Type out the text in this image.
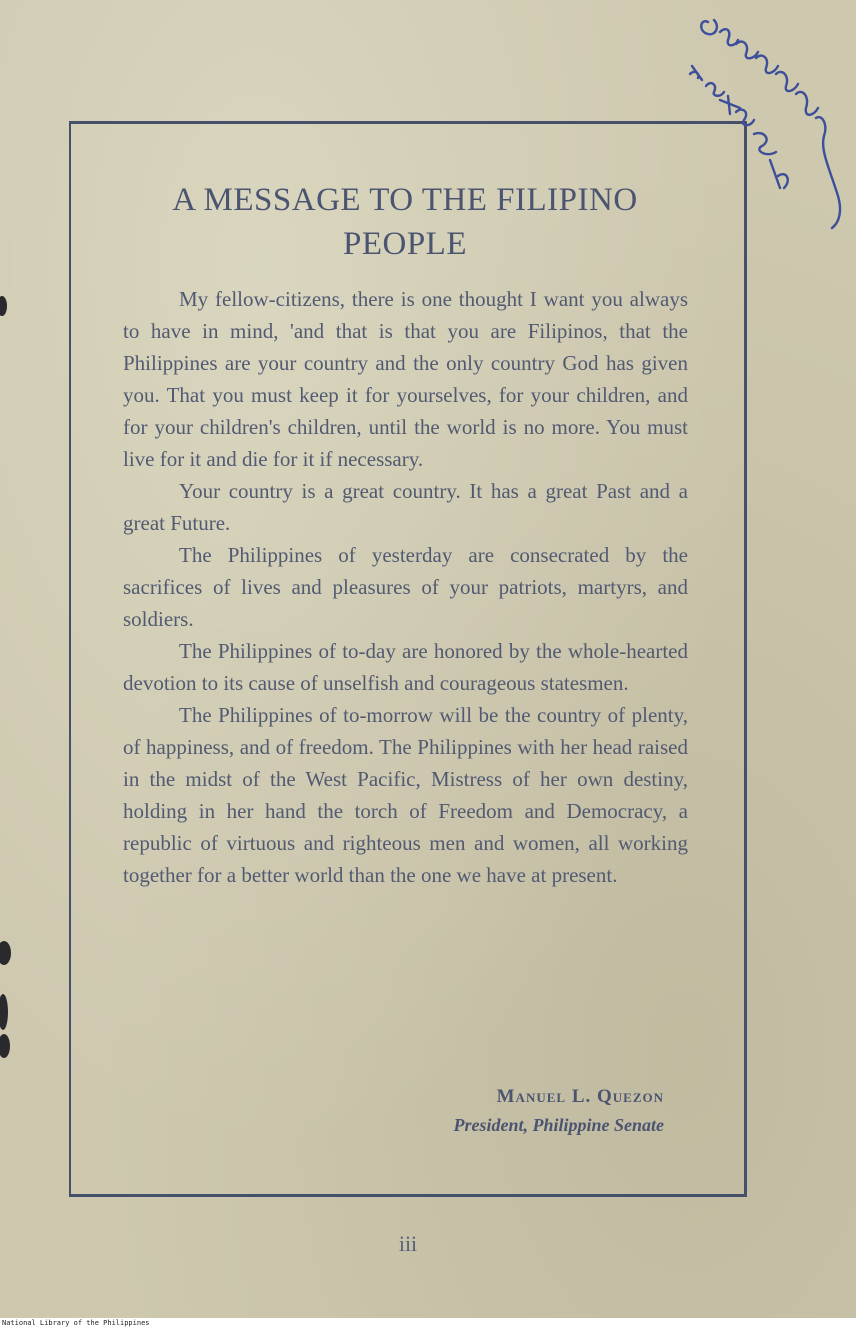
A MESSAGE TO THE FILIPINO PEOPLE

My fellow-citizens, there is one thought I want you always to have in mind, 'and that is that you are Filipinos, that the Philippines are your country and the only country God has given you. That you must keep it for yourselves, for your children, and for your children's children, until the world is no more. You must live for it and die for it if necessary.

Your country is a great country. It has a great Past and a great Future.

The Philippines of yesterday are consecrated by the sacrifices of lives and pleasures of your patriots, martyrs, and soldiers.

The Philippines of to-day are honored by the whole-hearted devotion to its cause of unselfish and courageous statesmen.

The Philippines of to-morrow will be the country of plenty, of happiness, and of freedom. The Philippines with her head raised in the midst of the West Pacific, Mistress of her own destiny, holding in her hand the torch of Freedom and Democracy, a republic of virtuous and righteous men and women, all working together for a better world than the one we have at present.

Manuel L. Quezon
President, Philippine Senate
iii
National Library of the Philippines
